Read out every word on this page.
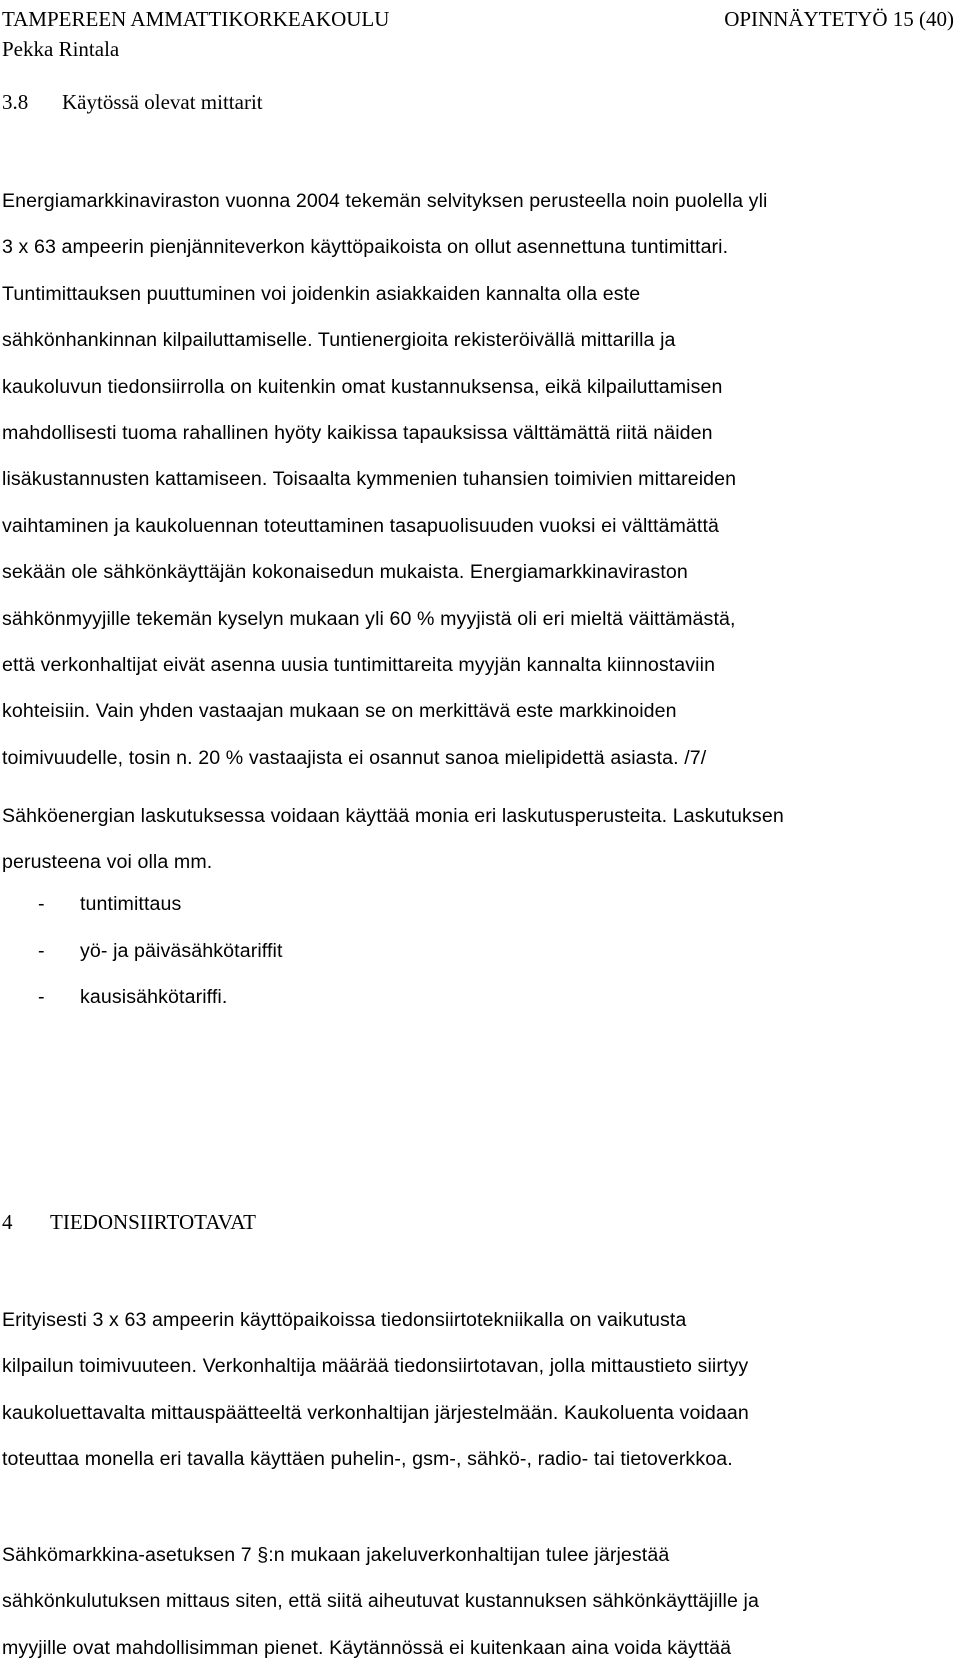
TAMPEREEN AMMATTIKORKEAKOULU	OPINNÄYTETYÖ 15 (40)
Pekka Rintala
3.8 Käytössä olevat mittarit

Energiamarkkinaviraston vuonna 2004 tekemän selvityksen perusteella noin puolella yli
3 x 63 ampeerin pienjänniteverkon käyttöpaikoista on ollut asennettuna tuntimittari.
Tuntimittauksen puuttuminen voi joidenkin asiakkaiden kannalta olla este
sähkönhankinnan kilpailuttamiselle. Tuntienergioita rekisteröivällä mittarilla ja
kaukoluvun tiedonsiirrolla on kuitenkin omat kustannuksensa, eikä kilpailuttamisen
mahdollisesti tuoma rahallinen hyöty kaikissa tapauksissa välttämättä riitä näiden
lisäkustannusten kattamiseen. Toisaalta kymmenien tuhansien toimivien mittareiden
vaihtaminen ja kaukoluennan toteuttaminen tasapuolisuuden vuoksi ei välttämättä
sekään ole sähkönkäyttäjän kokonaisedun mukaista. Energiamarkkinaviraston
sähkönmyyjille tekemän kyselyn mukaan yli 60 % myyjistä oli eri mieltä väittämästä,
että verkonhaltijat eivät asenna uusia tuntimittareita myyjän kannalta kiinnostaviin
kohteisiin. Vain yhden vastaajan mukaan se on merkittävä este markkinoiden
toimivuudelle, tosin n. 20 % vastaajista ei osannut sanoa mielipidettä asiasta. /7/

Sähköenergian laskutuksessa voidaan käyttää monia eri laskutusperusteita. Laskutuksen
perusteena voi olla mm.

-	tuntimittaus
-	yö- ja päiväsähkötariffit
-	kausisähkötariffi.
4 TIEDONSIIRTOTAVAT

Erityisesti 3 x 63 ampeerin käyttöpaikoissa tiedonsiirtotekniikalla on vaikutusta
kilpailun toimivuuteen. Verkonhaltija määrää tiedonsiirtotavan, jolla mittaustieto siirtyy
kaukoluettavalta mittauspäätteeltä verkonhaltijan järjestelmään. Kaukoluenta voidaan
toteuttaa monella eri tavalla käyttäen puhelin-, gsm-, sähkö-, radio- tai tietoverkkoa.

Sähkömarkkina-asetuksen 7 §:n mukaan jakeluverkonhaltijan tulee järjestää
sähkönkulutuksen mittaus siten, että siitä aiheutuvat kustannuksen sähkönkäyttäjille ja
myyjille ovat mahdollisimman pienet. Käytännössä ei kuitenkaan aina voida käyttää
